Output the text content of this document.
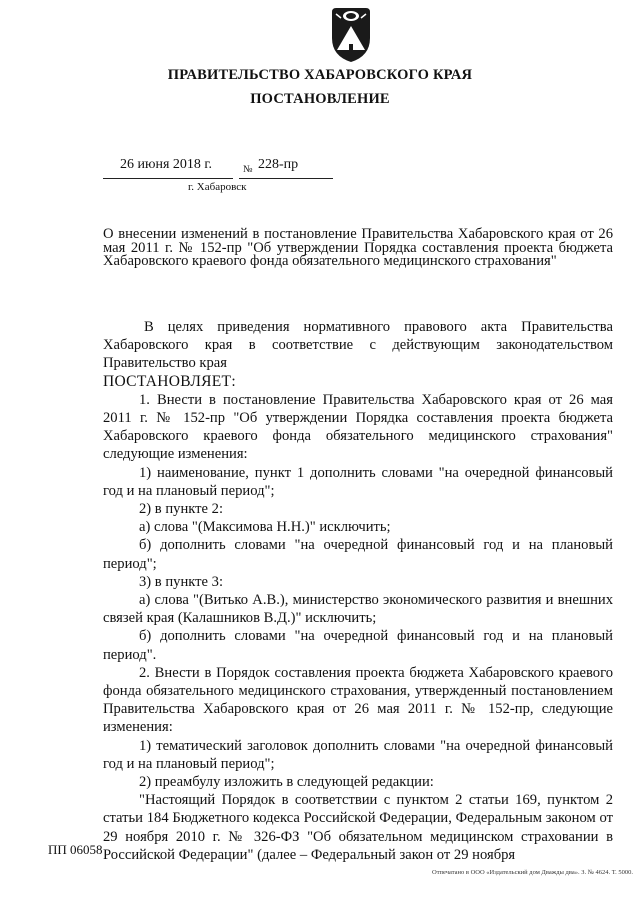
ПРАВИТЕЛЬСТВО ХАБАРОВСКОГО КРАЯ
ПОСТАНОВЛЕНИЕ
26 июня 2018 г.	№ 228-пр
г. Хабаровск
О внесении изменений в постановление Правительства Хабаровского края от 26 мая 2011 г. № 152-пр "Об утверждении Порядка составления проекта бюджета Хабаровского краевого фонда обязательного медицинского страхования"

В целях приведения нормативного правового акта Правительства Хабаровского края в соответствие с действующим законодательством Правительство края

ПОСТАНОВЛЯЕТ:

1. Внести в постановление Правительства Хабаровского края от 26 мая 2011 г. № 152-пр "Об утверждении Порядка составления проекта бюджета Хабаровского краевого фонда обязательного медицинского страхования" следующие изменения:

1) наименование, пункт 1 дополнить словами "на очередной финансовый год и на плановый период";

2) в пункте 2:

а) слова "(Максимова Н.Н.)" исключить;

б) дополнить словами "на очередной финансовый год и на плановый период";

3) в пункте 3:

а) слова "(Витько А.В.), министерство экономического развития и внешних связей края (Калашников В.Д.)" исключить;

б) дополнить словами "на очередной финансовый год и на плановый период".

2. Внести в Порядок составления проекта бюджета Хабаровского краевого фонда обязательного медицинского страхования, утвержденный постановлением Правительства Хабаровского края от 26 мая 2011 г. № 152-пр, следующие изменения:

1) тематический заголовок дополнить словами "на очередной финансовый год и на плановый период";

2) преамбулу изложить в следующей редакции:

"Настоящий Порядок в соответствии с пунктом 2 статьи 169, пунктом 2 статьи 184 Бюджетного кодекса Российской Федерации, Федеральным законом от 29 ноября 2010 г. № 326-ФЗ "Об обязательном медицинском страховании в Российской Федерации" (далее – Федеральный закон от 29 ноября

ПП 06058
Отпечатано в ООО «Издательский дом Дважды два». З. № 4624. Т. 5000.
